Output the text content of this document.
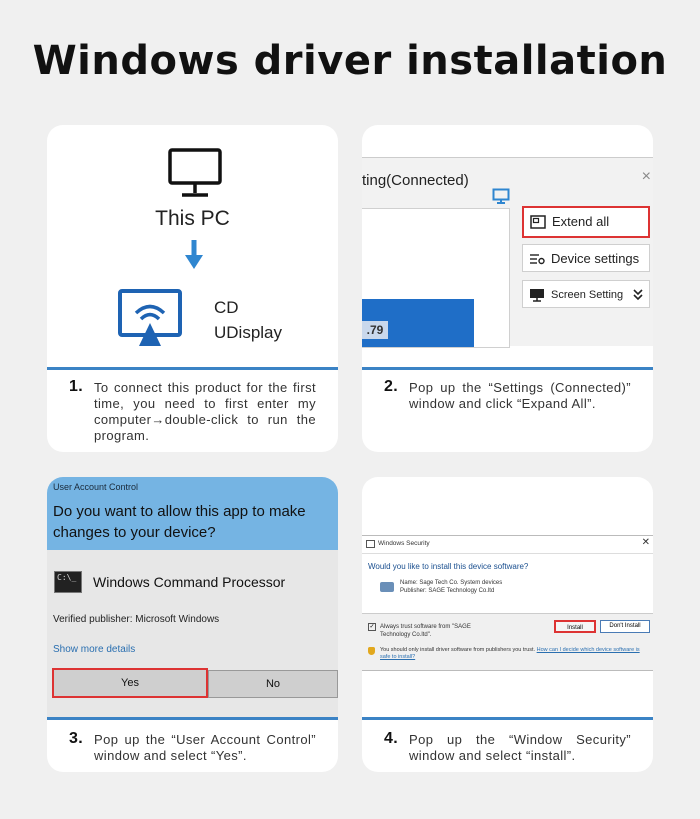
Windows driver installation
This PC
CD
UDisplay
1. To connect this product for the first time, you need to first enter my computer→double-click to run the program.
ting(Connected)	×
.79
Extend all
Device settings
Screen Setting
2. Pop up the “Settings (Connected)” window and click “Expand All”.
User Account Control
Do you want to allow this app to make changes to your device?
C:\_	Windows Command Processor
Verified publisher: Microsoft Windows
Show more details
Yes	No
3. Pop up the “User Account Control” window and select “Yes”.
Windows Security	✕
Would you like to install this device software?
Name: Sage Tech Co. System devices
Publisher: SAGE Technology Co.ltd
✓ Always trust software from "SAGE Technology Co.ltd".
Install	Don't Install
You should only install driver software from publishers you trust. How can I decide which device software is safe to install?
4. Pop up the “Window Security” window and select “install”.
